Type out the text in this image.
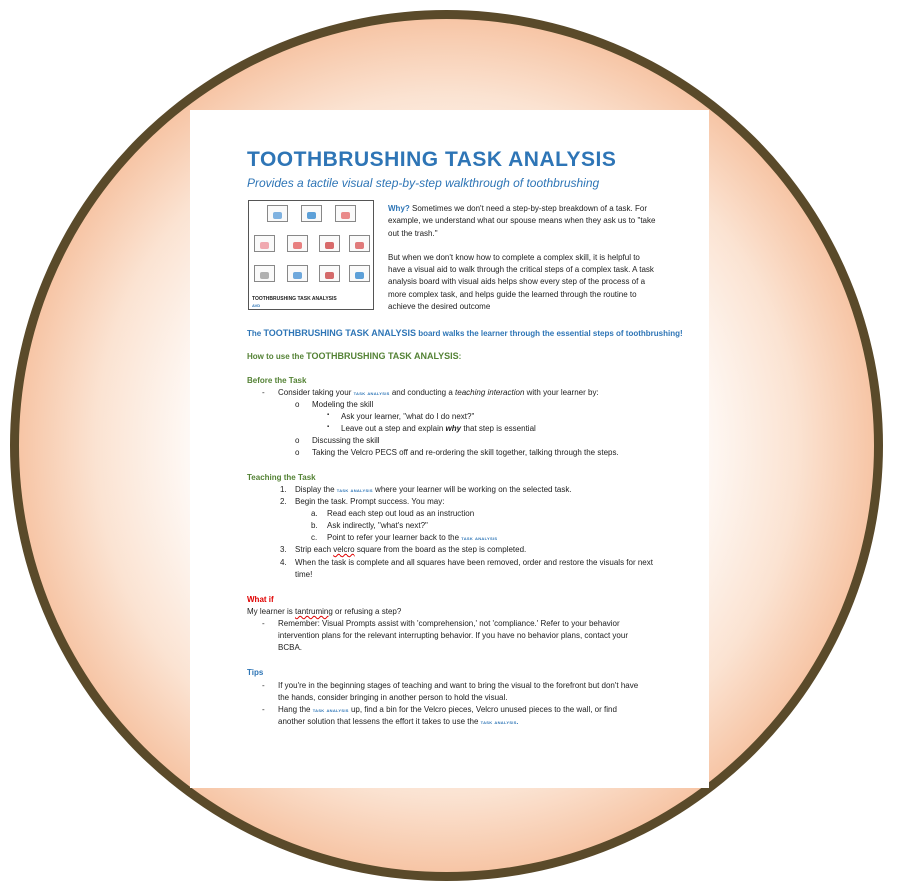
TOOTHBRUSHING TASK ANALYSIS
Provides a tactile visual step-by-step walkthrough of toothbrushing
TOOTHBRUSHING TASK ANALYSIS
AVD

Why? Sometimes we don't need a step-by-step breakdown of a task. For example, we understand what our spouse means when they ask us to "take out the trash."

But when we don't know how to complete a complex skill, it is helpful to have a visual aid to walk through the critical steps of a complex task. A task analysis board with visual aids helps show every step of the process of a more complex task, and helps guide the learned through the routine to achieve the desired outcome

The TOOTHBRUSHING TASK ANALYSIS board walks the learner through the essential steps of toothbrushing!
How to use the TOOTHBRUSHING TASK ANALYSIS:
Before the Task
- Consider taking your task analysis and conducting a teaching interaction with your learner by:
o Modeling the skill
▪ Ask your learner, "what do I do next?"
▪ Leave out a step and explain why that step is essential
o Discussing the skill
o Taking the Velcro PECS off and re-ordering the skill together, talking through the steps.
Teaching the Task
1. Display the task analysis where your learner will be working on the selected task.
2. Begin the task. Prompt success. You may:
a. Read each step out loud as an instruction
b. Ask indirectly, "what's next?"
c. Point to refer your learner back to the task analysis
3. Strip each velcro square from the board as the step is completed.
4. When the task is complete and all squares have been removed, order and restore the visuals for next
time!
What if
My learner is tantruming or refusing a step?
- Remember: Visual Prompts assist with 'comprehension,' not 'compliance.' Refer to your behavior
intervention plans for the relevant interrupting behavior. If you have no behavior plans, contact your
BCBA.
Tips
- If you're in the beginning stages of teaching and want to bring the visual to the forefront but don't have
the hands, consider bringing in another person to hold the visual.
- Hang the task analysis up, find a bin for the Velcro pieces, Velcro unused pieces to the wall, or find
another solution that lessens the effort it takes to use the task analysis.
